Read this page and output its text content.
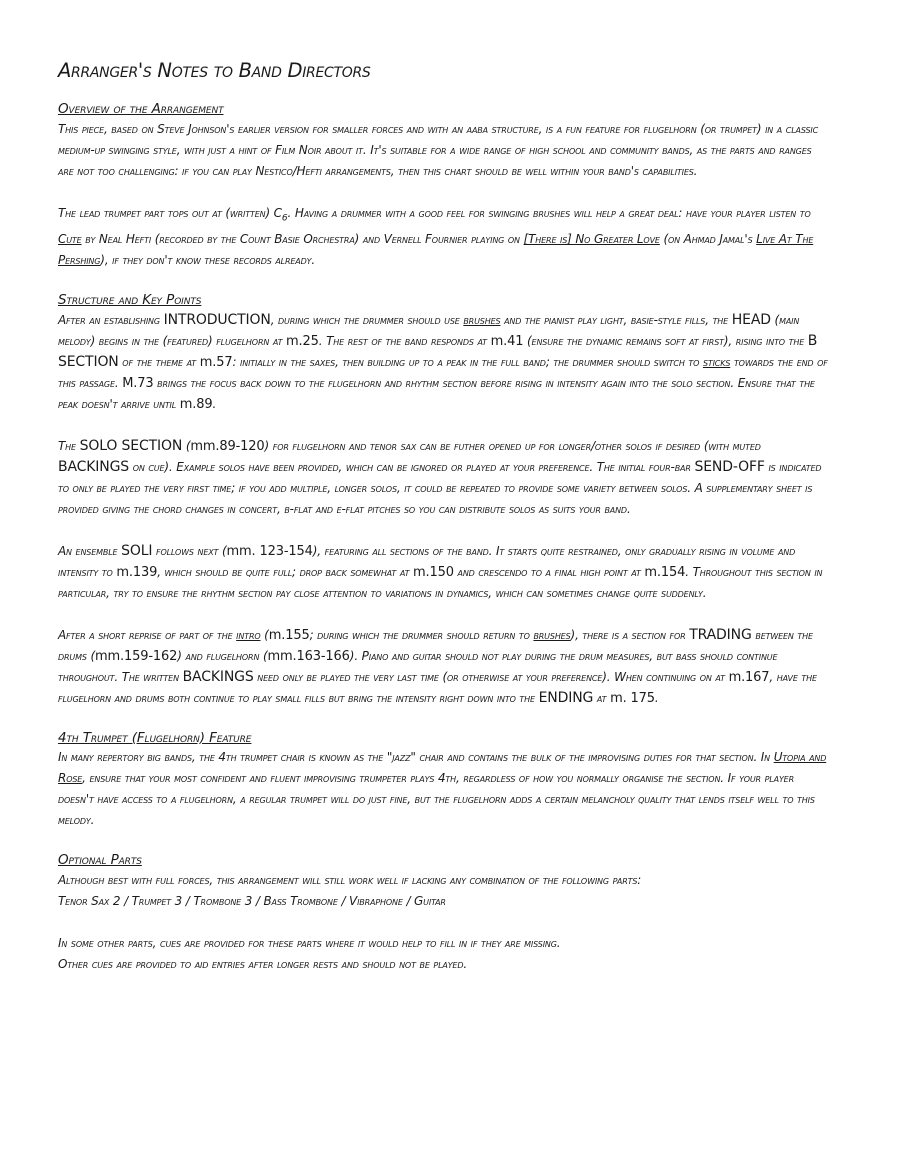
Arranger's Notes to Band Directors
Overview of the Arrangement

This piece, based on Steve Johnson's earlier version for smaller forces and with an aaba structure, is a fun feature for flugelhorn (or trumpet) in a classic medium-up swinging style, with just a hint of Film Noir about it. It's suitable for a wide range of high school and community bands, as the parts and ranges are not too challenging: if you can play Nestico/Hefti arrangements, then this chart should be well within your band's capabilities.

The lead trumpet part tops out at (written) $C_6$. Having a drummer with a good feel for swinging brushes will help a great deal: have your player listen to Cute by Neal Hefti (recorded by the Count Basie Orchestra) and Vernell Fournier playing on [There is] No Greater Love (on Ahmad Jamal's Live At The Pershing), if they don't know these records already.

Structure and Key Points

After an establishing INTRODUCTION, during which the drummer should use brushes and the pianist play light, basie-style fills, the HEAD (main melody) begins in the (featured) flugelhorn at m.25. The rest of the band responds at m.41 (ensure the dynamic remains soft at first), rising into the B SECTION of the theme at m.57: initially in the saxes, then building up to a peak in the full band; the drummer should switch to sticks towards the end of this passage. M.73 brings the focus back down to the flugelhorn and rhythm section before rising in intensity again into the solo section. Ensure that the peak doesn't arrive until m.89.

The SOLO SECTION (mm.89-120) for flugelhorn and tenor sax can be futher opened up for longer/other solos if desired (with muted BACKINGS on cue). Example solos have been provided, which can be ignored or played at your preference. The initial four-bar SEND-OFF is indicated to only be played the very first time; if you add multiple, longer solos, it could be repeated to provide some variety between solos. A supplementary sheet is provided giving the chord changes in concert, b-flat and e-flat pitches so you can distribute solos as suits your band.

An ensemble SOLI follows next (mm. 123-154), featuring all sections of the band. It starts quite restrained, only gradually rising in volume and intensity to m.139, which should be quite full; drop back somewhat at m.150 and crescendo to a final high point at m.154. Throughout this section in particular, try to ensure the rhythm section pay close attention to variations in dynamics, which can sometimes change quite suddenly.

After a short reprise of part of the intro (m.155; during which the drummer should return to brushes), there is a section for TRADING between the drums (mm.159-162) and flugelhorn (mm.163-166). Piano and guitar should not play during the drum measures, but bass should continue throughout. The written BACKINGS need only be played the very last time (or otherwise at your preference). When continuing on at m.167, have the flugelhorn and drums both continue to play small fills but bring the intensity right down into the ENDING at m. 175.

4th Trumpet (Flugelhorn) Feature

In many repertory big bands, the 4th trumpet chair is known as the "jazz" chair and contains the bulk of the improvising duties for that section. In Utopia and Rose, ensure that your most confident and fluent improvising trumpeter plays 4th, regardless of how you normally organise the section. If your player doesn't have access to a flugelhorn, a regular trumpet will do just fine, but the flugelhorn adds a certain melancholy quality that lends itself well to this melody.

Optional Parts

Although best with full forces, this arrangement will still work well if lacking any combination of the following parts:

Tenor Sax 2 / Trumpet 3 / Trombone 3 / Bass Trombone / Vibraphone / Guitar

In some other parts, cues are provided for these parts where it would help to fill in if they are missing.

Other cues are provided to aid entries after longer rests and should not be played.
